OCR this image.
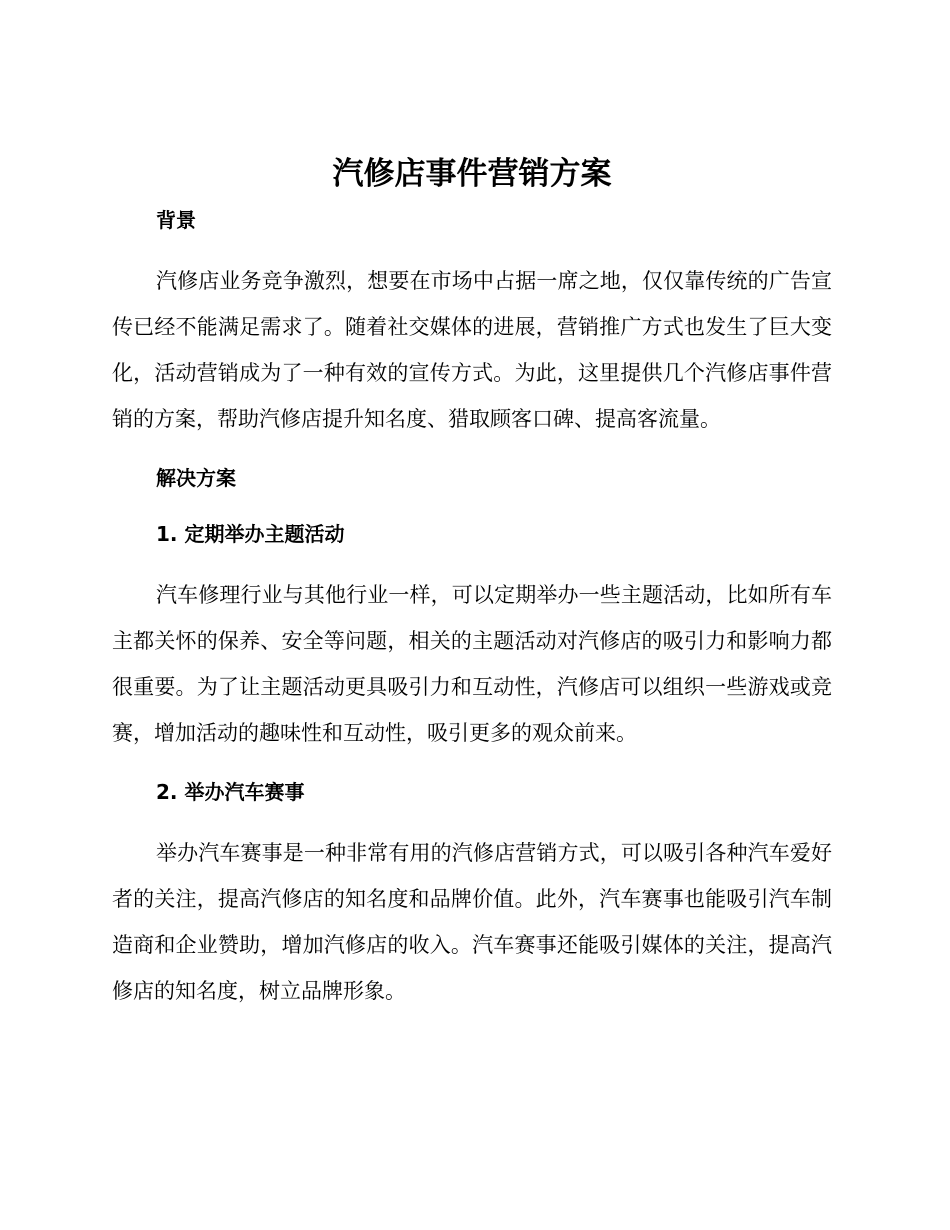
汽修店事件营销方案
背景

汽修店业务竞争激烈，想要在市场中占据一席之地，仅仅靠传统的广告宣传已经不能满足需求了。随着社交媒体的进展，营销推广方式也发生了巨大变化，活动营销成为了一种有效的宣传方式。为此，这里提供几个汽修店事件营销的方案，帮助汽修店提升知名度、猎取顾客口碑、提高客流量。

解决方案
1. 定期举办主题活动

汽车修理行业与其他行业一样，可以定期举办一些主题活动，比如所有车主都关怀的保养、安全等问题，相关的主题活动对汽修店的吸引力和影响力都很重要。为了让主题活动更具吸引力和互动性，汽修店可以组织一些游戏或竞赛，增加活动的趣味性和互动性，吸引更多的观众前来。

2. 举办汽车赛事

举办汽车赛事是一种非常有用的汽修店营销方式，可以吸引各种汽车爱好者的关注，提高汽修店的知名度和品牌价值。此外，汽车赛事也能吸引汽车制造商和企业赞助，增加汽修店的收入。汽车赛事还能吸引媒体的关注，提高汽修店的知名度，树立品牌形象。
